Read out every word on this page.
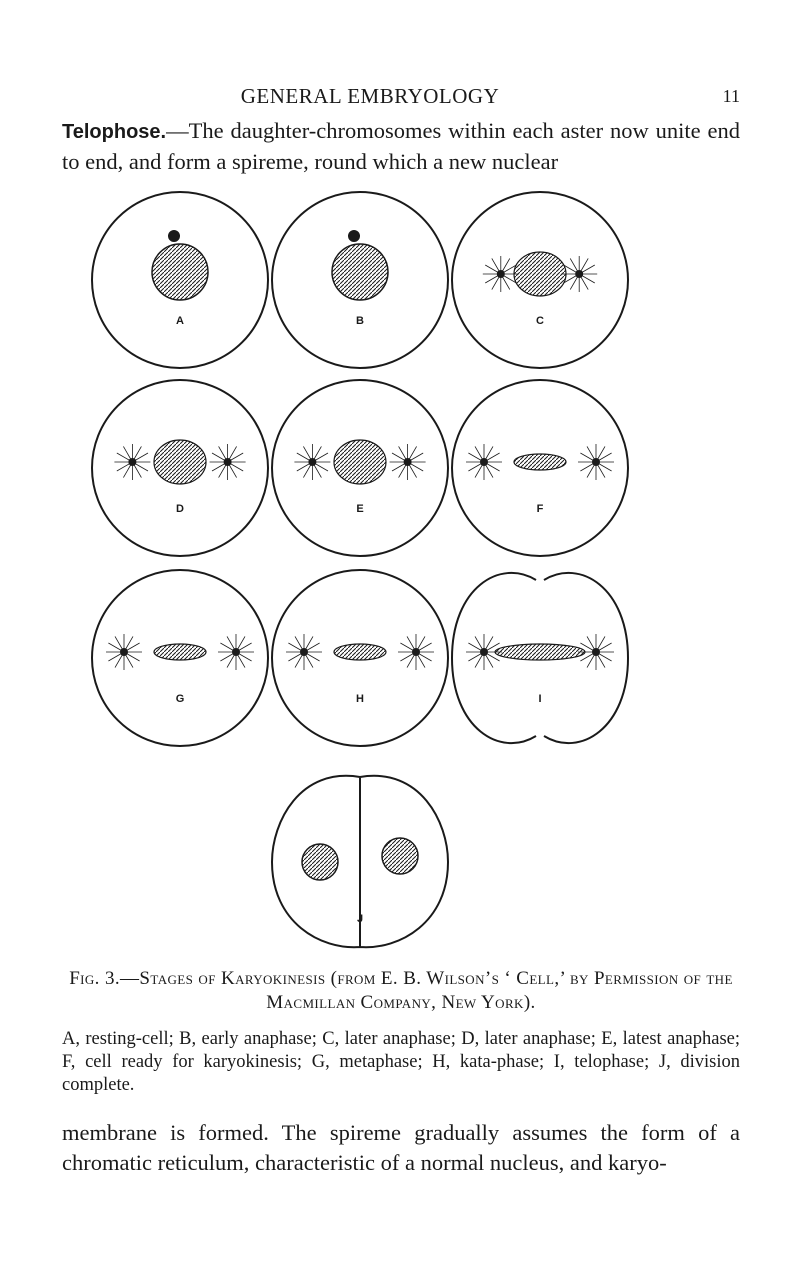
GENERAL EMBRYOLOGY	11
Telophose.—The daughter-chromosomes within each aster now unite end to end, and form a spireme, round which a new nuclear
A	B	C
D	E	F
G	H	I
J
Fig. 3.—Stages of Karyokinesis (from E. B. Wilson’s ‘ Cell,’ by Permission of the Macmillan Company, New York).
A, resting-cell; B, early anaphase; C, later anaphase; D, later anaphase; E, latest anaphase; F, cell ready for karyokinesis; G, metaphase; H, kata-phase; I, telophase; J, division complete.
membrane is formed. The spireme gradually assumes the form of a chromatic reticulum, characteristic of a normal nucleus, and karyo-
